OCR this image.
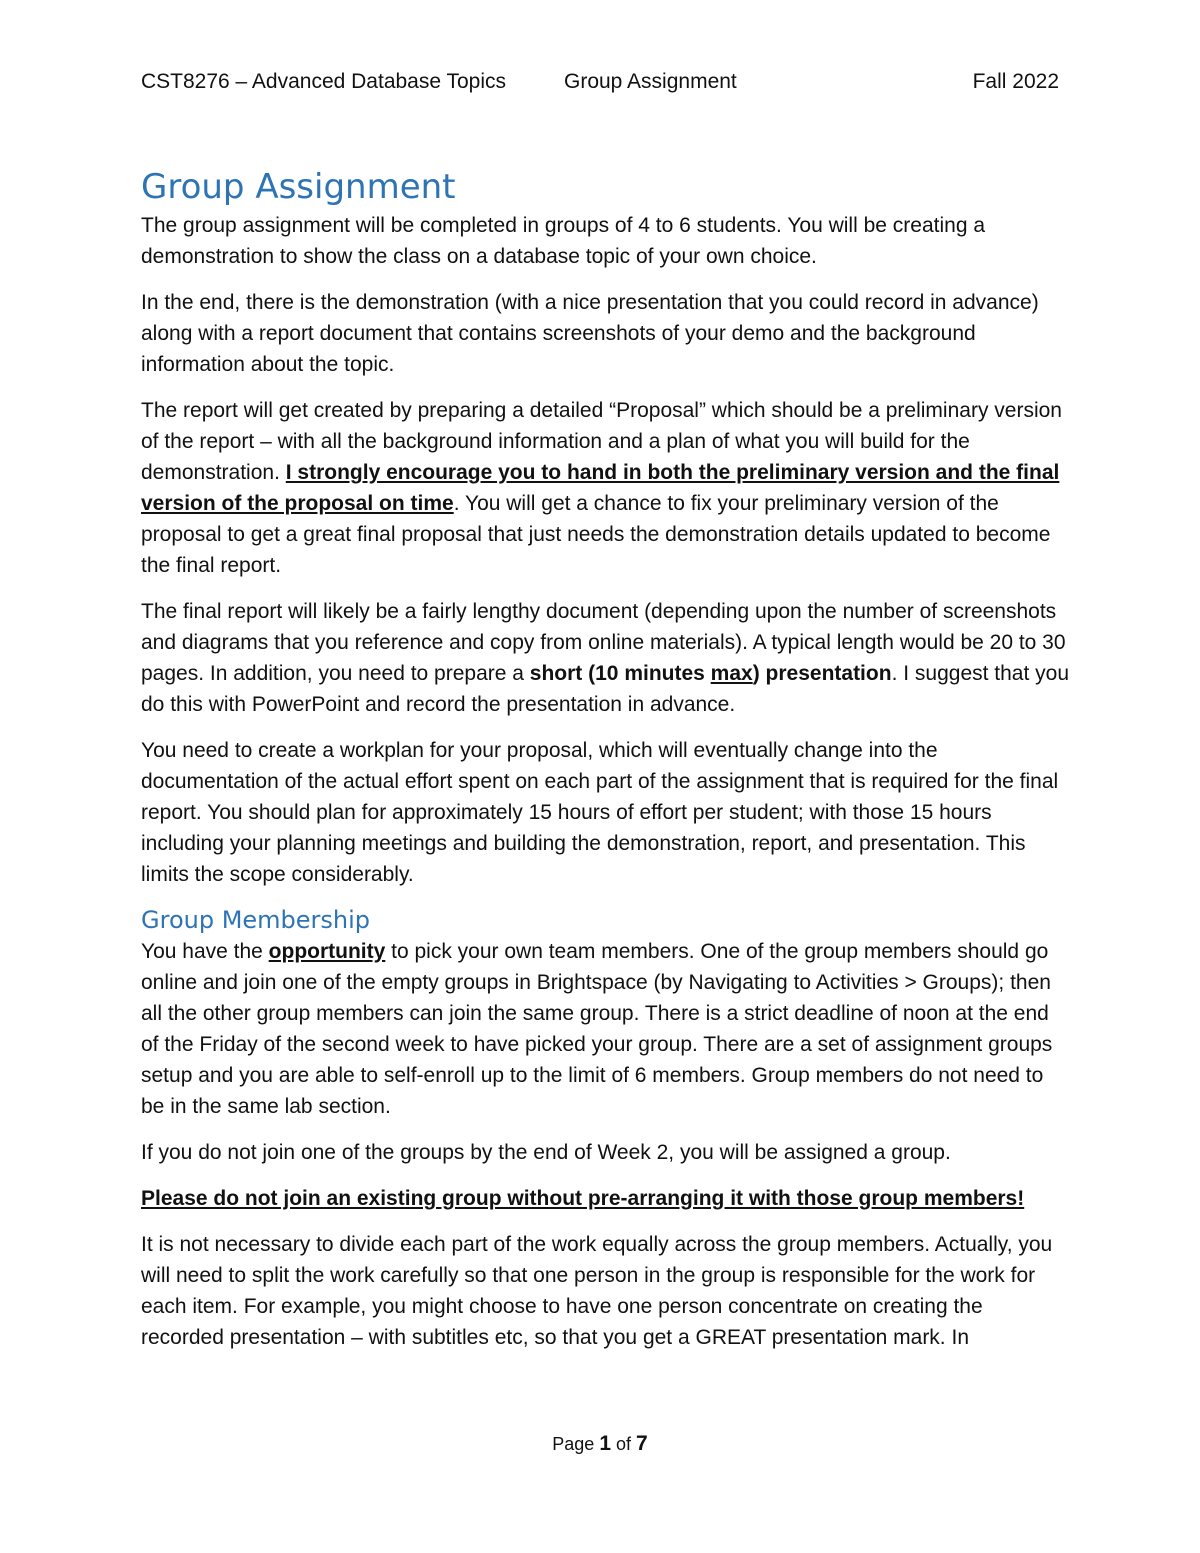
CST8276 – Advanced Database Topics	Group Assignment	Fall 2022
Group Assignment

The group assignment will be completed in groups of 4 to 6 students. You will be creating a demonstration to show the class on a database topic of your own choice.

In the end, there is the demonstration (with a nice presentation that you could record in advance) along with a report document that contains screenshots of your demo and the background information about the topic.

The report will get created by preparing a detailed “Proposal” which should be a preliminary version of the report – with all the background information and a plan of what you will build for the demonstration. I strongly encourage you to hand in both the preliminary version and the final version of the proposal on time. You will get a chance to fix your preliminary version of the proposal to get a great final proposal that just needs the demonstration details updated to become the final report.

The final report will likely be a fairly lengthy document (depending upon the number of screenshots and diagrams that you reference and copy from online materials). A typical length would be 20 to 30 pages. In addition, you need to prepare a short (10 minutes max) presentation. I suggest that you do this with PowerPoint and record the presentation in advance.

You need to create a workplan for your proposal, which will eventually change into the documentation of the actual effort spent on each part of the assignment that is required for the final report. You should plan for approximately 15 hours of effort per student; with those 15 hours including your planning meetings and building the demonstration, report, and presentation. This limits the scope considerably.

Group Membership

You have the opportunity to pick your own team members. One of the group members should go online and join one of the empty groups in Brightspace (by Navigating to Activities > Groups); then all the other group members can join the same group. There is a strict deadline of noon at the end of the Friday of the second week to have picked your group. There are a set of assignment groups setup and you are able to self-enroll up to the limit of 6 members. Group members do not need to be in the same lab section.

If you do not join one of the groups by the end of Week 2, you will be assigned a group.

Please do not join an existing group without pre-arranging it with those group members!

It is not necessary to divide each part of the work equally across the group members. Actually, you will need to split the work carefully so that one person in the group is responsible for the work for each item. For example, you might choose to have one person concentrate on creating the recorded presentation – with subtitles etc, so that you get a GREAT presentation mark. In

Page 1 of 7
